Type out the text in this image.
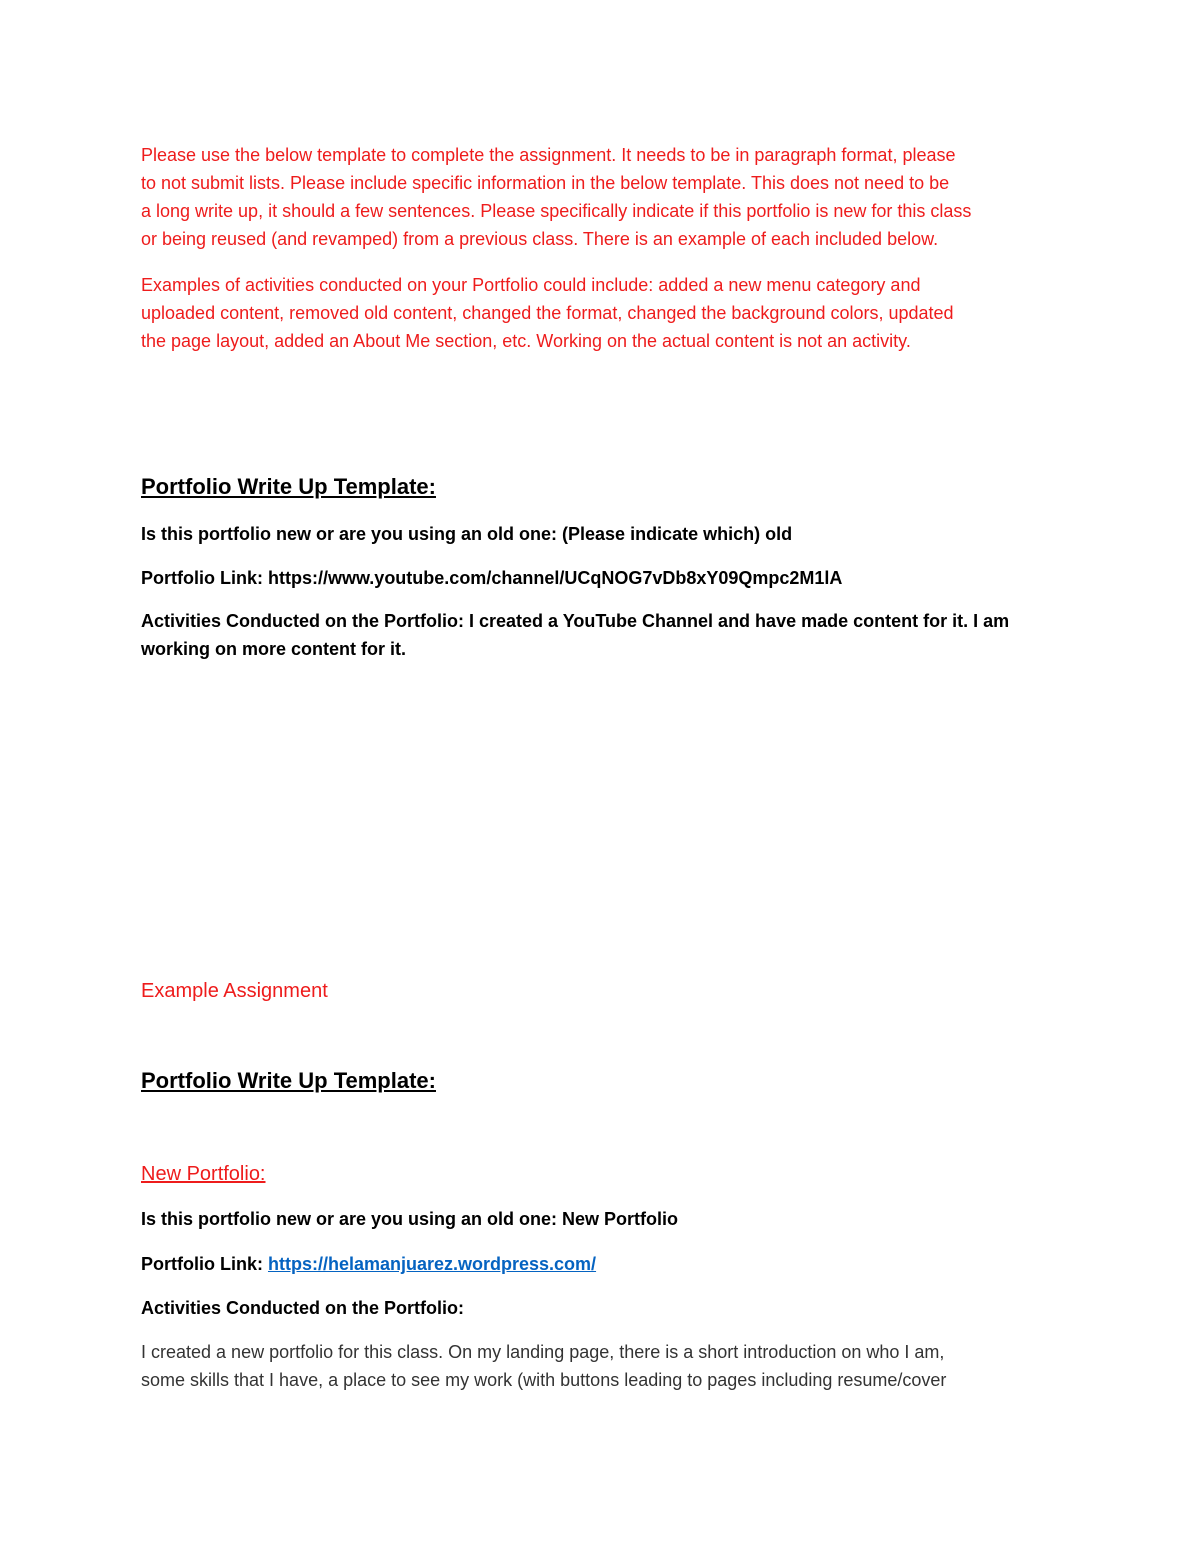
Please use the below template to complete the assignment. It needs to be in paragraph format, please
to not submit lists. Please include specific information in the below template. This does not need to be
a long write up, it should a few sentences. Please specifically indicate if this portfolio is new for this class
or being reused (and revamped) from a previous class. There is an example of each included below.

Examples of activities conducted on your Portfolio could include: added a new menu category and
uploaded content, removed old content, changed the format, changed the background colors, updated
the page layout, added an About Me section, etc. Working on the actual content is not an activity.

Portfolio Write Up Template:

Is this portfolio new or are you using an old one: (Please indicate which) old

Portfolio Link: https://www.youtube.com/channel/UCqNOG7vDb8xY09Qmpc2M1lA

Activities Conducted on the Portfolio: I created a YouTube Channel and have made content for it. I am
working on more content for it.

Example Assignment

Portfolio Write Up Template:

New Portfolio:

Is this portfolio new or are you using an old one: New Portfolio

Portfolio Link: https://helamanjuarez.wordpress.com/

Activities Conducted on the Portfolio:

I created a new portfolio for this class. On my landing page, there is a short introduction on who I am,
some skills that I have, a place to see my work (with buttons leading to pages including resume/cover
